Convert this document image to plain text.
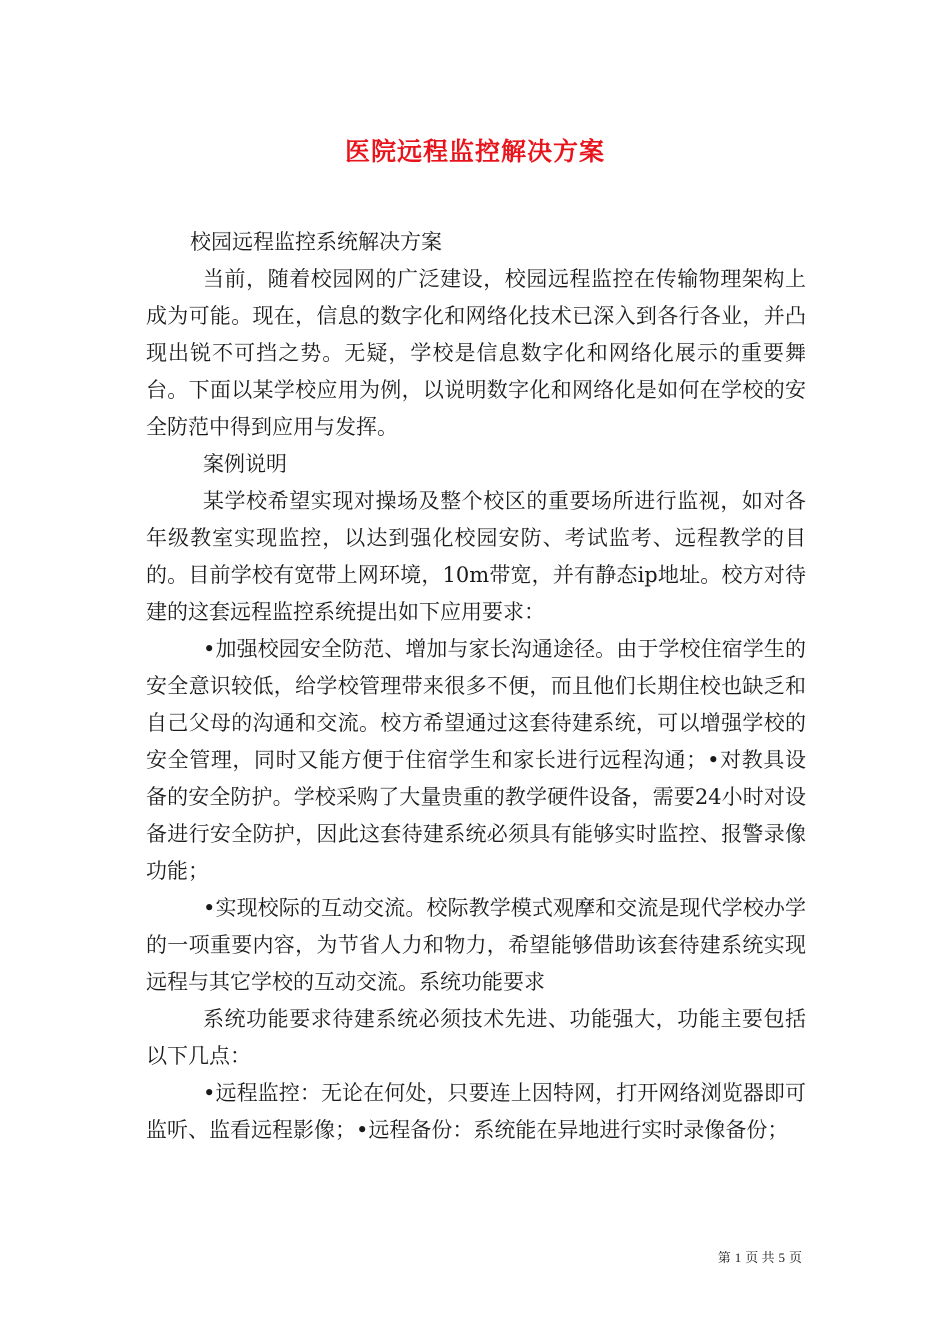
医院远程监控解决方案

校园远程监控系统解决方案

当前，随着校园网的广泛建设，校园远程监控在传输物理架构上成为可能。现在，信息的数字化和网络化技术已深入到各行各业，并凸现出锐不可挡之势。无疑，学校是信息数字化和网络化展示的重要舞台。下面以某学校应用为例，以说明数字化和网络化是如何在学校的安全防范中得到应用与发挥。

案例说明

某学校希望实现对操场及整个校区的重要场所进行监视，如对各年级教室实现监控，以达到强化校园安防、考试监考、远程教学的目的。目前学校有宽带上网环境，10m带宽，并有静态ip地址。校方对待建的这套远程监控系统提出如下应用要求：

•加强校园安全防范、增加与家长沟通途径。由于学校住宿学生的安全意识较低，给学校管理带来很多不便，而且他们长期住校也缺乏和自己父母的沟通和交流。校方希望通过这套待建系统，可以增强学校的安全管理，同时又能方便于住宿学生和家长进行远程沟通；•对教具设备的安全防护。学校采购了大量贵重的教学硬件设备，需要24小时对设备进行安全防护，因此这套待建系统必须具有能够实时监控、报警录像功能；

•实现校际的互动交流。校际教学模式观摩和交流是现代学校办学的一项重要内容，为节省人力和物力，希望能够借助该套待建系统实现远程与其它学校的互动交流。系统功能要求

系统功能要求待建系统必须技术先进、功能强大，功能主要包括以下几点：

•远程监控：无论在何处，只要连上因特网，打开网络浏览器即可监听、监看远程影像；•远程备份：系统能在异地进行实时录像备份；

第 1 页 共 5 页
